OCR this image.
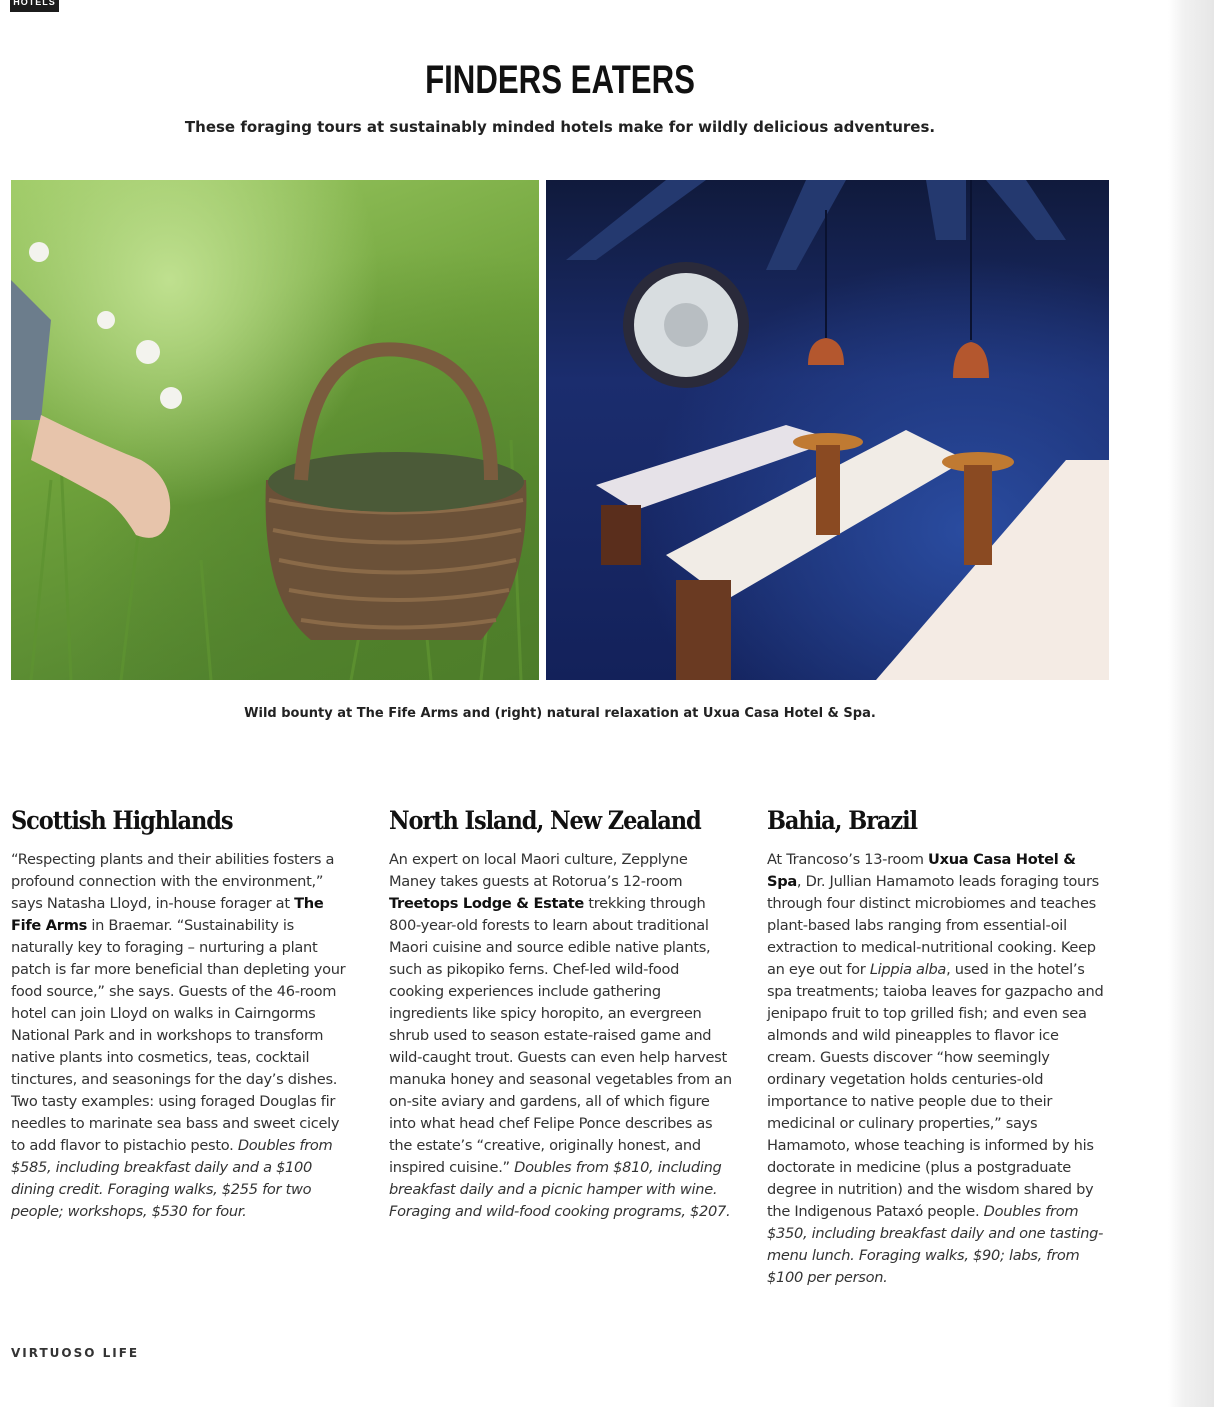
HOTELS
FINDERS EATERS
These foraging tours at sustainably minded hotels make for wildly delicious adventures.
Wild bounty at The Fife Arms and (right) natural relaxation at Uxua Casa Hotel & Spa.
Scottish Highlands

“Respecting plants and their abilities fosters a profound connection with the environment,” says Natasha Lloyd, in-house forager at The Fife Arms in Braemar. “Sustainability is naturally key to foraging – nurturing a plant patch is far more beneficial than depleting your food source,” she says. Guests of the 46-room hotel can join Lloyd on walks in Cairngorms National Park and in workshops to transform native plants into cosmetics, teas, cocktail tinctures, and seasonings for the day’s dishes. Two tasty examples: using foraged Douglas fir needles to marinate sea bass and sweet cicely to add flavor to pistachio pesto. Doubles from $585, including breakfast daily and a $100 dining credit. Foraging walks, $255 for two people; workshops, $530 for four.

North Island, New Zealand

An expert on local Maori culture, Zepplyne Maney takes guests at Rotorua’s 12-room Treetops Lodge & Estate trekking through 800-year-old forests to learn about traditional Maori cuisine and source edible native plants, such as pikopiko ferns. Chef-led wild-food cooking experiences include gathering ingredients like spicy horopito, an evergreen shrub used to season estate-raised game and wild-caught trout. Guests can even help harvest manuka honey and seasonal vegetables from an on-site aviary and gardens, all of which figure into what head chef Felipe Ponce describes as the estate’s “creative, originally honest, and inspired cuisine.” Doubles from $810, including breakfast daily and a picnic hamper with wine. Foraging and wild-food cooking programs, $207.

Bahia, Brazil

At Trancoso’s 13-room Uxua Casa Hotel & Spa, Dr. Jullian Hamamoto leads foraging tours through four distinct microbiomes and teaches plant-based labs ranging from essential-oil extraction to medical-nutritional cooking. Keep an eye out for Lippia alba, used in the hotel’s spa treatments; taioba leaves for gazpacho and jenipapo fruit to top grilled fish; and even sea almonds and wild pineapples to flavor ice cream. Guests discover “how seemingly ordinary vegetation holds centuries-old importance to native people due to their medicinal or culinary properties,” says Hamamoto, whose teaching is informed by his doctorate in medicine (plus a postgraduate degree in nutrition) and the wisdom shared by the Indigenous Pataxó people. Doubles from $350, including breakfast daily and one tasting-menu lunch. Foraging walks, $90; labs, from $100 per person.

VIRTUOSO LIFE
